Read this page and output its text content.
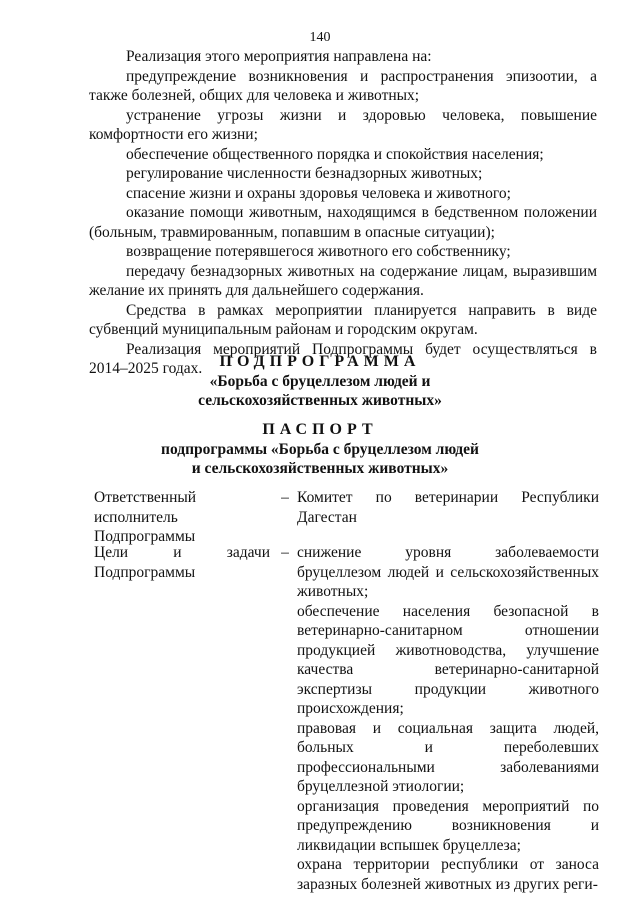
140

Реализация этого мероприятия направлена на:

предупреждение возникновения и распространения эпизоотии, а также болезней, общих для человека и животных;

устранение угрозы жизни и здоровью человека, повышение комфортности его жизни;

обеспечение общественного порядка и спокойствия населения;

регулирование численности безнадзорных животных;

спасение жизни и охраны здоровья человека и животного;

оказание помощи животным, находящимся в бедственном положении (больным, травмированным, попавшим в опасные ситуации);

возвращение потерявшегося животного его собственнику;

передачу безнадзорных животных на содержание лицам, выразившим желание их принять для дальнейшего содержания.

Средства в рамках мероприятии планируется направить в виде субвенций муниципальным районам и городским округам.

Реализация мероприятий Подпрограммы будет осуществляться в 2014–2025 годах.	ПОДПРОГРАММА
«Борьба с бруцеллезом людей и
сельскохозяйственных животных»
ПАСПОРТ
подпрограммы «Борьба с бруцеллезом людей
и сельскохозяйственных животных»
Ответственный исполнитель Подпрограммы
– Комитет по ветеринарии Республики Дагестан

Цели и задачи Подпрограммы
– снижение уровня заболеваемости бруцеллезом людей и сельскохозяйственных животных;

обеспечение населения безопасной в ветеринарно-санитарном отношении продукцией животноводства, улучшение качества ветеринарно-санитарной экспертизы продукции животного происхождения;

правовая и социальная защита людей, больных и переболевших профессиональными заболеваниями бруцеллезной этиологии;

организация проведения мероприятий по предупреждению возникновения и ликвидации вспышек бруцеллеза;

охрана территории республики от заноса заразных болезней животных из других реги-
